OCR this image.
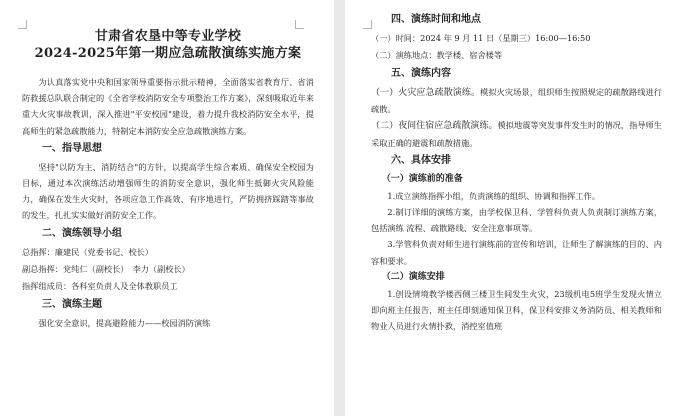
甘肃省农垦中等专业学校
2024-2025年第一期应急疏散演练实施方案

为认真落实党中央和国家领导重要指示批示精神，全面落实省教育厅、省消防救援总队联合制定的《全省学校消防安全专项整治工作方案》，深刻吸取近年来重大火灾事故教训，深入推进"平安校园"建设，着力提升我校消防安全水平，提高师生的紧急疏散能力，特制定本消防安全应急疏散演练方案。

一、指导思想

坚持"以防为主、消防结合"的方针，以提高学生综合素质、确保安全校园为目标，通过本次演练活动增强师生的消防安全意识，强化师生抵御火灾风险能力，确保在发生火灾时，各项应急工作高效、有序地进行，严防拥挤踩踏等事故的发生，扎扎实实做好消防安全工作。

二、演练领导小组

总指挥：廉建民（党委书记、校长）

副总指挥：党纯仁（副校长）　李力（副校长）

指挥组成员：各科室负责人及全体教职员工

三、演练主题

强化安全意识，提高避险能力——校园消防演练

四、演练时间和地点

（一）时间：2024 年 9 月 11 日（星期三）16:00—16:50

（二）演练地点：教学楼、宿舍楼等

五、演练内容

（一）火灾应急疏散演练。模拟火灾场景，组织师生按照规定的疏散路线进行疏散。

（二）夜间住宿应急疏散演练。模拟地震等突发事件发生时的情况，指导师生采取正确的避震和疏散措施。

六、具体安排

（一）演练前的准备

1.成立演练指挥小组，负责演练的组织、协调和指挥工作。

2.制订详细的演练方案，由学校保卫科、学管科负责人负责制订演练方案，包括演练 流程、疏散路线、安全注意事项等。

3.学管科负责对师生进行演练前的宣传和培训，让师生了解演练的目的、内容和要求。

（二）演练安排

1.创设情境教学楼西侧三楼卫生间发生火灾，23级机电5班学生发现火情立即向班主任报告，班主任即刻通知保卫科，保卫科安排义务消防员、相关教师和物业人员进行火情扑救，消控室值班
